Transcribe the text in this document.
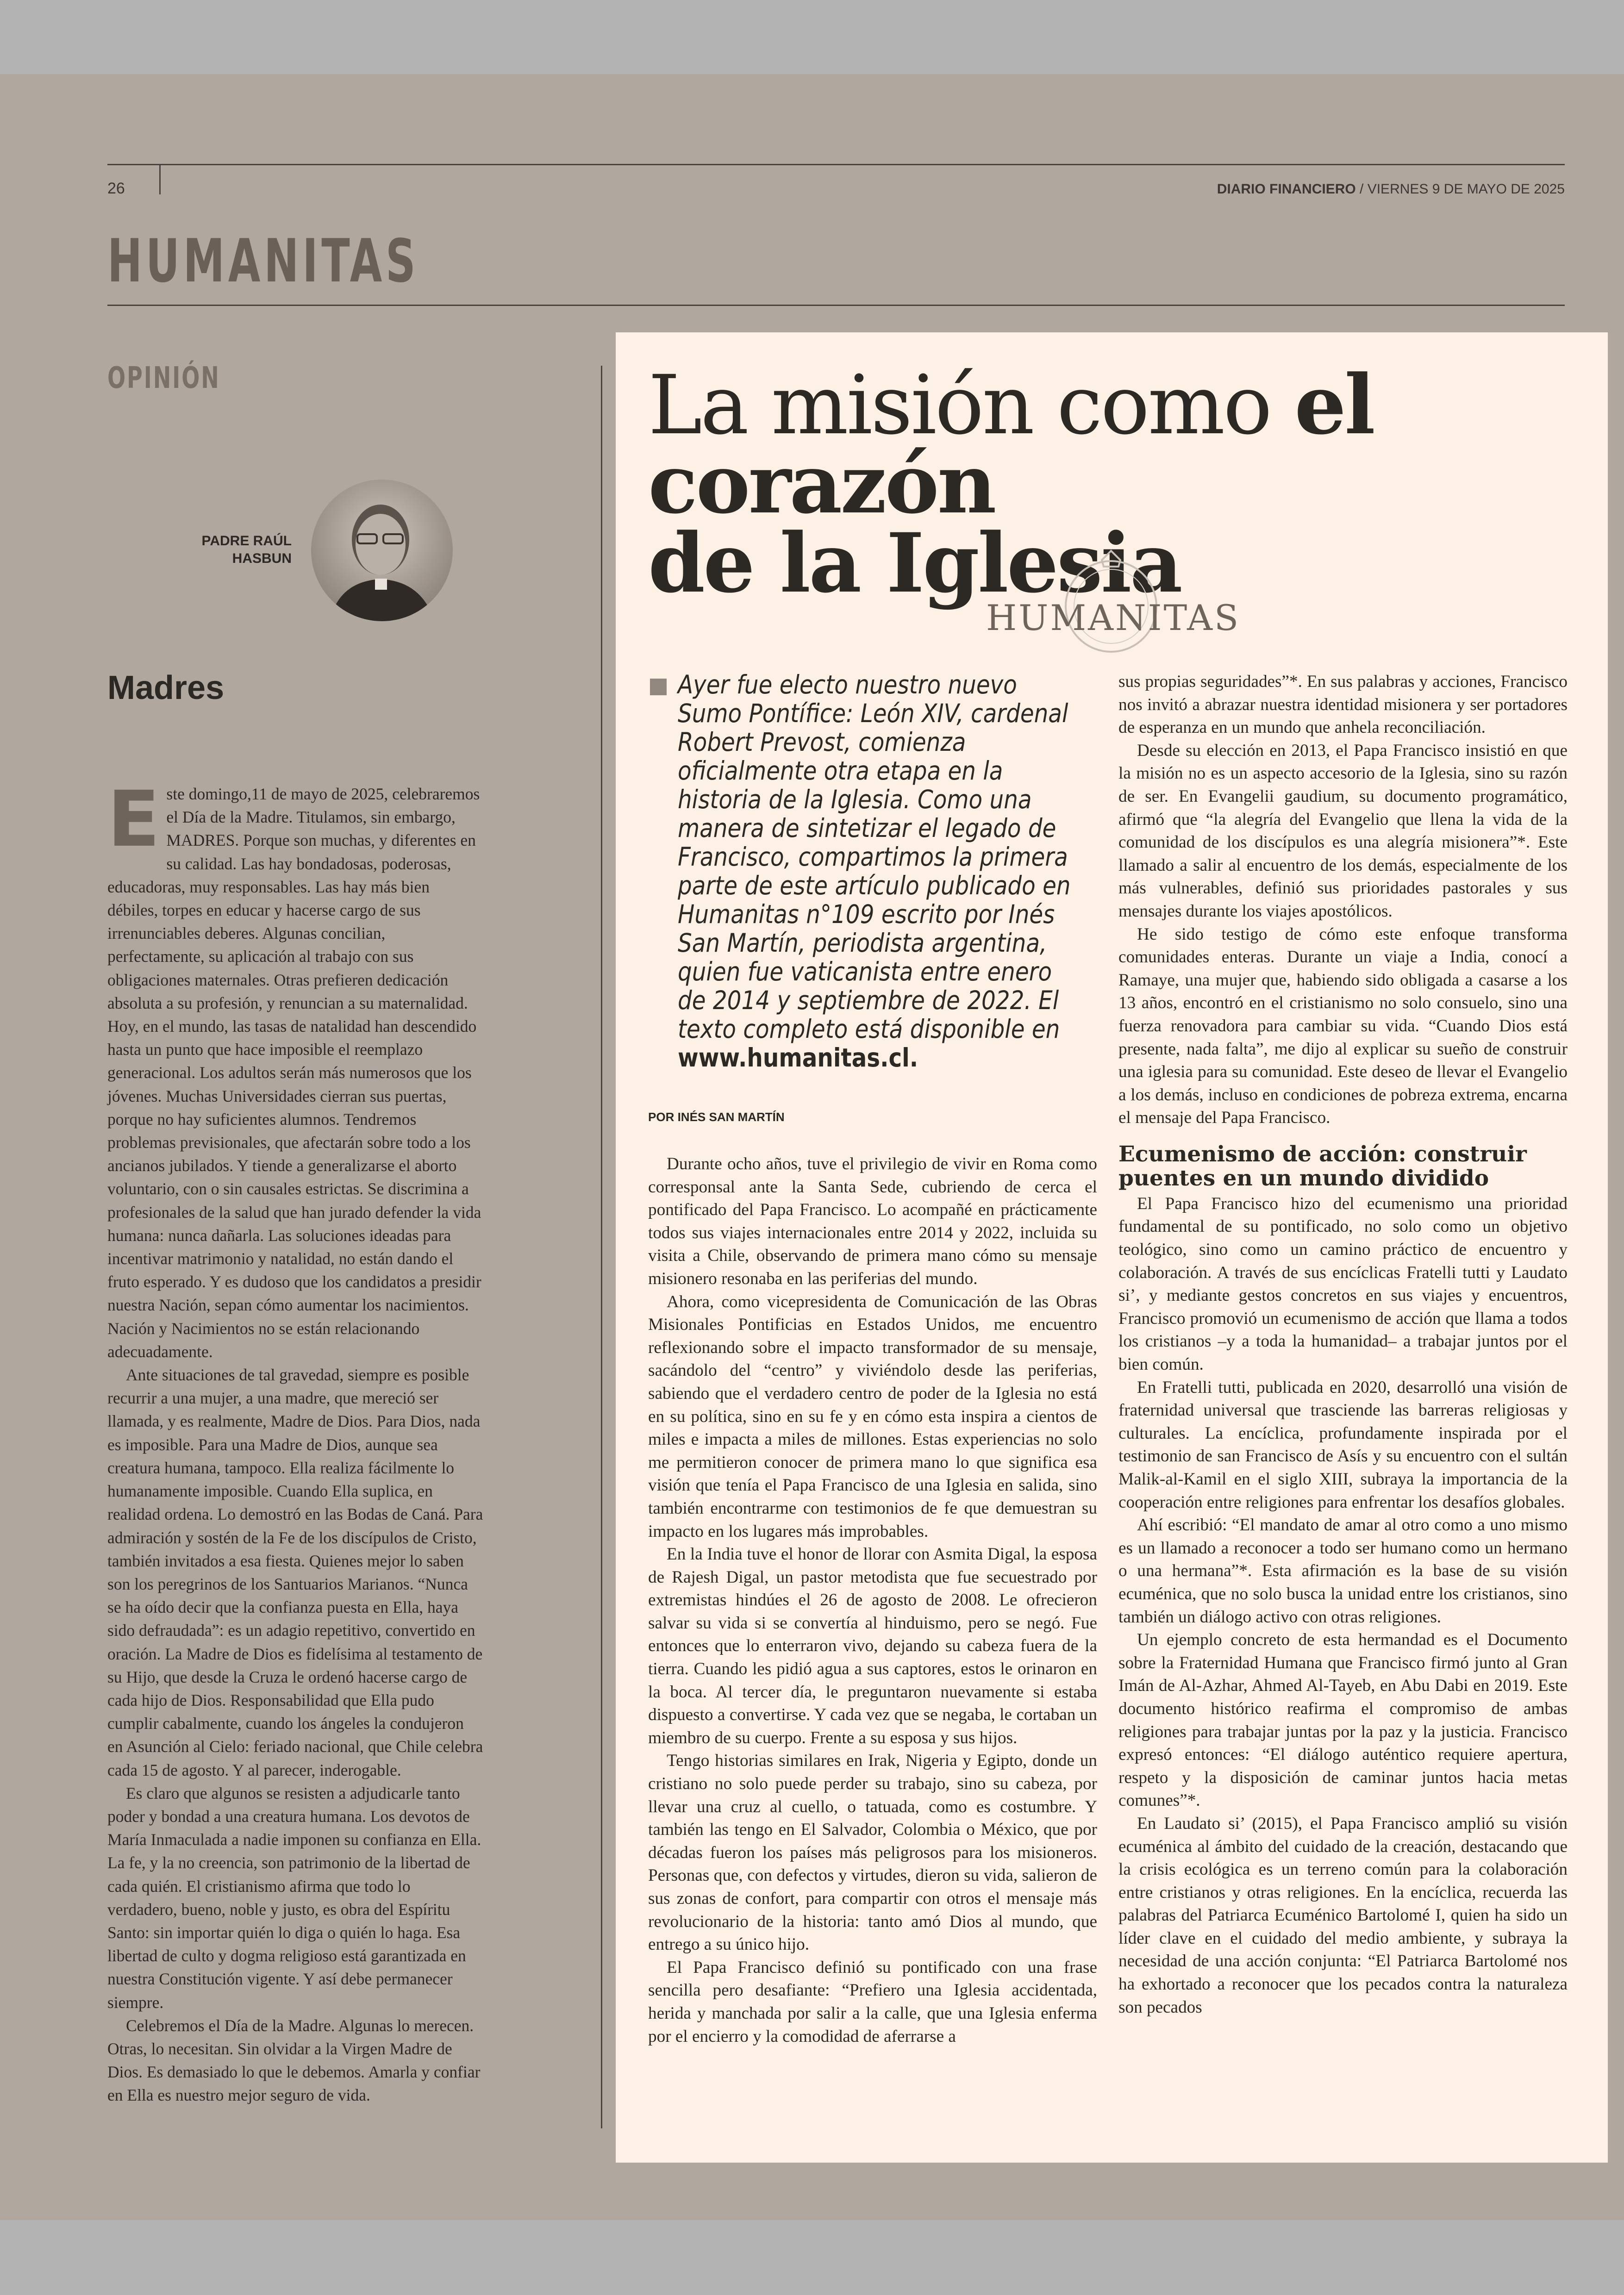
26	DIARIO FINANCIERO / VIERNES 9 DE MAYO DE 2025
HUMANITAS
OPINIÓN
PADRE RAÚL
HASBUN
Madres

Este domingo,11 de mayo de 2025, celebraremos el Día de la Madre. Titulamos, sin embargo, MADRES. Porque son muchas, y diferentes en su calidad. Las hay bondadosas, poderosas, educadoras, muy responsables. Las hay más bien débiles, torpes en educar y hacerse cargo de sus irrenunciables deberes. Algunas concilian, perfectamente, su aplicación al trabajo con sus obligaciones maternales. Otras prefieren dedicación absoluta a su profesión, y renuncian a su maternalidad. Hoy, en el mundo, las tasas de natalidad han descendido hasta un punto que hace imposible el reemplazo generacional. Los adultos serán más numerosos que los jóvenes. Muchas Universidades cierran sus puertas, porque no hay suficientes alumnos. Tendremos problemas previsionales, que afectarán sobre todo a los ancianos jubilados. Y tiende a generalizarse el aborto voluntario, con o sin causales estrictas. Se discrimina a profesionales de la salud que han jurado defender la vida humana: nunca dañarla. Las soluciones ideadas para incentivar matrimonio y natalidad, no están dando el fruto esperado. Y es dudoso que los candidatos a presidir nuestra Nación, sepan cómo aumentar los nacimientos. Nación y Nacimientos no se están relacionando adecuadamente.

Ante situaciones de tal gravedad, siempre es posible recurrir a una mujer, a una madre, que mereció ser llamada, y es realmente, Madre de Dios. Para Dios, nada es imposible. Para una Madre de Dios, aunque sea creatura humana, tampoco. Ella realiza fácilmente lo humanamente imposible. Cuando Ella suplica, en realidad ordena. Lo demostró en las Bodas de Caná. Para admiración y sostén de la Fe de los discípulos de Cristo, también invitados a esa fiesta. Quienes mejor lo saben son los peregrinos de los Santuarios Marianos. “Nunca se ha oído decir que la confianza puesta en Ella, haya sido defraudada”: es un adagio repetitivo, convertido en oración. La Madre de Dios es fidelísima al testamento de su Hijo, que desde la Cruza le ordenó hacerse cargo de cada hijo de Dios. Responsabilidad que Ella pudo cumplir cabalmente, cuando los ángeles la condujeron en Asunción al Cielo: feriado nacional, que Chile celebra cada 15 de agosto. Y al parecer, inderogable.

Es claro que algunos se resisten a adjudicarle tanto poder y bondad a una creatura humana. Los devotos de María Inmaculada a nadie imponen su confianza en Ella. La fe, y la no creencia, son patrimonio de la libertad de cada quién. El cristianismo afirma que todo lo verdadero, bueno, noble y justo, es obra del Espíritu Santo: sin importar quién lo diga o quién lo haga. Esa libertad de culto y dogma religioso está garantizada en nuestra Constitución vigente. Y así debe permanecer siempre.

Celebremos el Día de la Madre. Algunas lo merecen. Otras, lo necesitan. Sin olvidar a la Virgen Madre de Dios. Es demasiado lo que le debemos. Amarla y confiar en Ella es nuestro mejor seguro de vida.

La misión como el corazón
de la Iglesia
HUMANITAS
Ayer fue electo nuestro nuevo Sumo Pontífice: León XIV, cardenal Robert Prevost, comienza oficialmente otra etapa en la historia de la Iglesia. Como una manera de sintetizar el legado de Francisco, compartimos la primera parte de este artículo publicado en Humanitas n°109 escrito por Inés San Martín, periodista argentina, quien fue vaticanista entre enero de 2014 y septiembre de 2022. El texto completo está disponible en
www.humanitas.cl.
POR INÉS SAN MARTÍN

Durante ocho años, tuve el privilegio de vivir en Roma como corresponsal ante la Santa Sede, cubriendo de cerca el pontificado del Papa Francisco. Lo acompañé en prácticamente todos sus viajes internacionales entre 2014 y 2022, incluida su visita a Chile, observando de primera mano cómo su mensaje misionero resonaba en las periferias del mundo.

Ahora, como vicepresidenta de Comunicación de las Obras Misionales Pontificias en Estados Unidos, me encuentro reflexionando sobre el impacto transformador de su mensaje, sacándolo del “centro” y viviéndolo desde las periferias, sabiendo que el verdadero centro de poder de la Iglesia no está en su política, sino en su fe y en cómo esta inspira a cientos de miles e impacta a miles de millones. Estas experiencias no solo me permitieron conocer de primera mano lo que significa esa visión que tenía el Papa Francisco de una Iglesia en salida, sino también encontrarme con testimonios de fe que demuestran su impacto en los lugares más improbables.

En la India tuve el honor de llorar con Asmita Digal, la esposa de Rajesh Digal, un pastor metodista que fue secuestrado por extremistas hindúes el 26 de agosto de 2008. Le ofrecieron salvar su vida si se convertía al hinduismo, pero se negó. Fue entonces que lo enterraron vivo, dejando su cabeza fuera de la tierra. Cuando les pidió agua a sus captores, estos le orinaron en la boca. Al tercer día, le preguntaron nuevamente si estaba dispuesto a convertirse. Y cada vez que se negaba, le cortaban un miembro de su cuerpo. Frente a su esposa y sus hijos.

Tengo historias similares en Irak, Nigeria y Egipto, donde un cristiano no solo puede perder su trabajo, sino su cabeza, por llevar una cruz al cuello, o tatuada, como es costumbre. Y también las tengo en El Salvador, Colombia o México, que por décadas fueron los países más peligrosos para los misioneros. Personas que, con defectos y virtudes, dieron su vida, salieron de sus zonas de confort, para compartir con otros el mensaje más revolucionario de la historia: tanto amó Dios al mundo, que entrego a su único hijo.

El Papa Francisco definió su pontificado con una frase sencilla pero desafiante: “Prefiero una Iglesia accidentada, herida y manchada por salir a la calle, que una Iglesia enferma por el encierro y la comodidad de aferrarse a

sus propias seguridades”*. En sus palabras y acciones, Francisco nos invitó a abrazar nuestra identidad misionera y ser portadores de esperanza en un mundo que anhela reconciliación.

Desde su elección en 2013, el Papa Francisco insistió en que la misión no es un aspecto accesorio de la Iglesia, sino su razón de ser. En Evangelii gaudium, su documento programático, afirmó que “la alegría del Evangelio que llena la vida de la comunidad de los discípulos es una alegría misionera”*. Este llamado a salir al encuentro de los demás, especialmente de los más vulnerables, definió sus prioridades pastorales y sus mensajes durante los viajes apostólicos.

He sido testigo de cómo este enfoque transforma comunidades enteras. Durante un viaje a India, conocí a Ramaye, una mujer que, habiendo sido obligada a casarse a los 13 años, encontró en el cristianismo no solo consuelo, sino una fuerza renovadora para cambiar su vida. “Cuando Dios está presente, nada falta”, me dijo al explicar su sueño de construir una iglesia para su comunidad. Este deseo de llevar el Evangelio a los demás, incluso en condiciones de pobreza extrema, encarna el mensaje del Papa Francisco.

Ecumenismo de acción: construir puentes en un mundo dividido

El Papa Francisco hizo del ecumenismo una prioridad fundamental de su pontificado, no solo como un objetivo teológico, sino como un camino práctico de encuentro y colaboración. A través de sus encíclicas Fratelli tutti y Laudato si’, y mediante gestos concretos en sus viajes y encuentros, Francisco promovió un ecumenismo de acción que llama a todos los cristianos –y a toda la humanidad– a trabajar juntos por el bien común.

En Fratelli tutti, publicada en 2020, desarrolló una visión de fraternidad universal que trasciende las barreras religiosas y culturales. La encíclica, profundamente inspirada por el testimonio de san Francisco de Asís y su encuentro con el sultán Malik-al-Kamil en el siglo XIII, subraya la importancia de la cooperación entre religiones para enfrentar los desafíos globales.

Ahí escribió: “El mandato de amar al otro como a uno mismo es un llamado a reconocer a todo ser humano como un hermano o una hermana”*. Esta afirmación es la base de su visión ecuménica, que no solo busca la unidad entre los cristianos, sino también un diálogo activo con otras religiones.

Un ejemplo concreto de esta hermandad es el Documento sobre la Fraternidad Humana que Francisco firmó junto al Gran Imán de Al-Azhar, Ahmed Al-Tayeb, en Abu Dabi en 2019. Este documento histórico reafirma el compromiso de ambas religiones para trabajar juntas por la paz y la justicia. Francisco expresó entonces: “El diálogo auténtico requiere apertura, respeto y la disposición de caminar juntos hacia metas comunes”*.

En Laudato si’ (2015), el Papa Francisco amplió su visión ecuménica al ámbito del cuidado de la creación, destacando que la crisis ecológica es un terreno común para la colaboración entre cristianos y otras religiones. En la encíclica, recuerda las palabras del Patriarca Ecuménico Bartolomé I, quien ha sido un líder clave en el cuidado del medio ambiente, y subraya la necesidad de una acción conjunta: “El Patriarca Bartolomé nos ha exhortado a reconocer que los pecados contra la naturaleza son pecados
